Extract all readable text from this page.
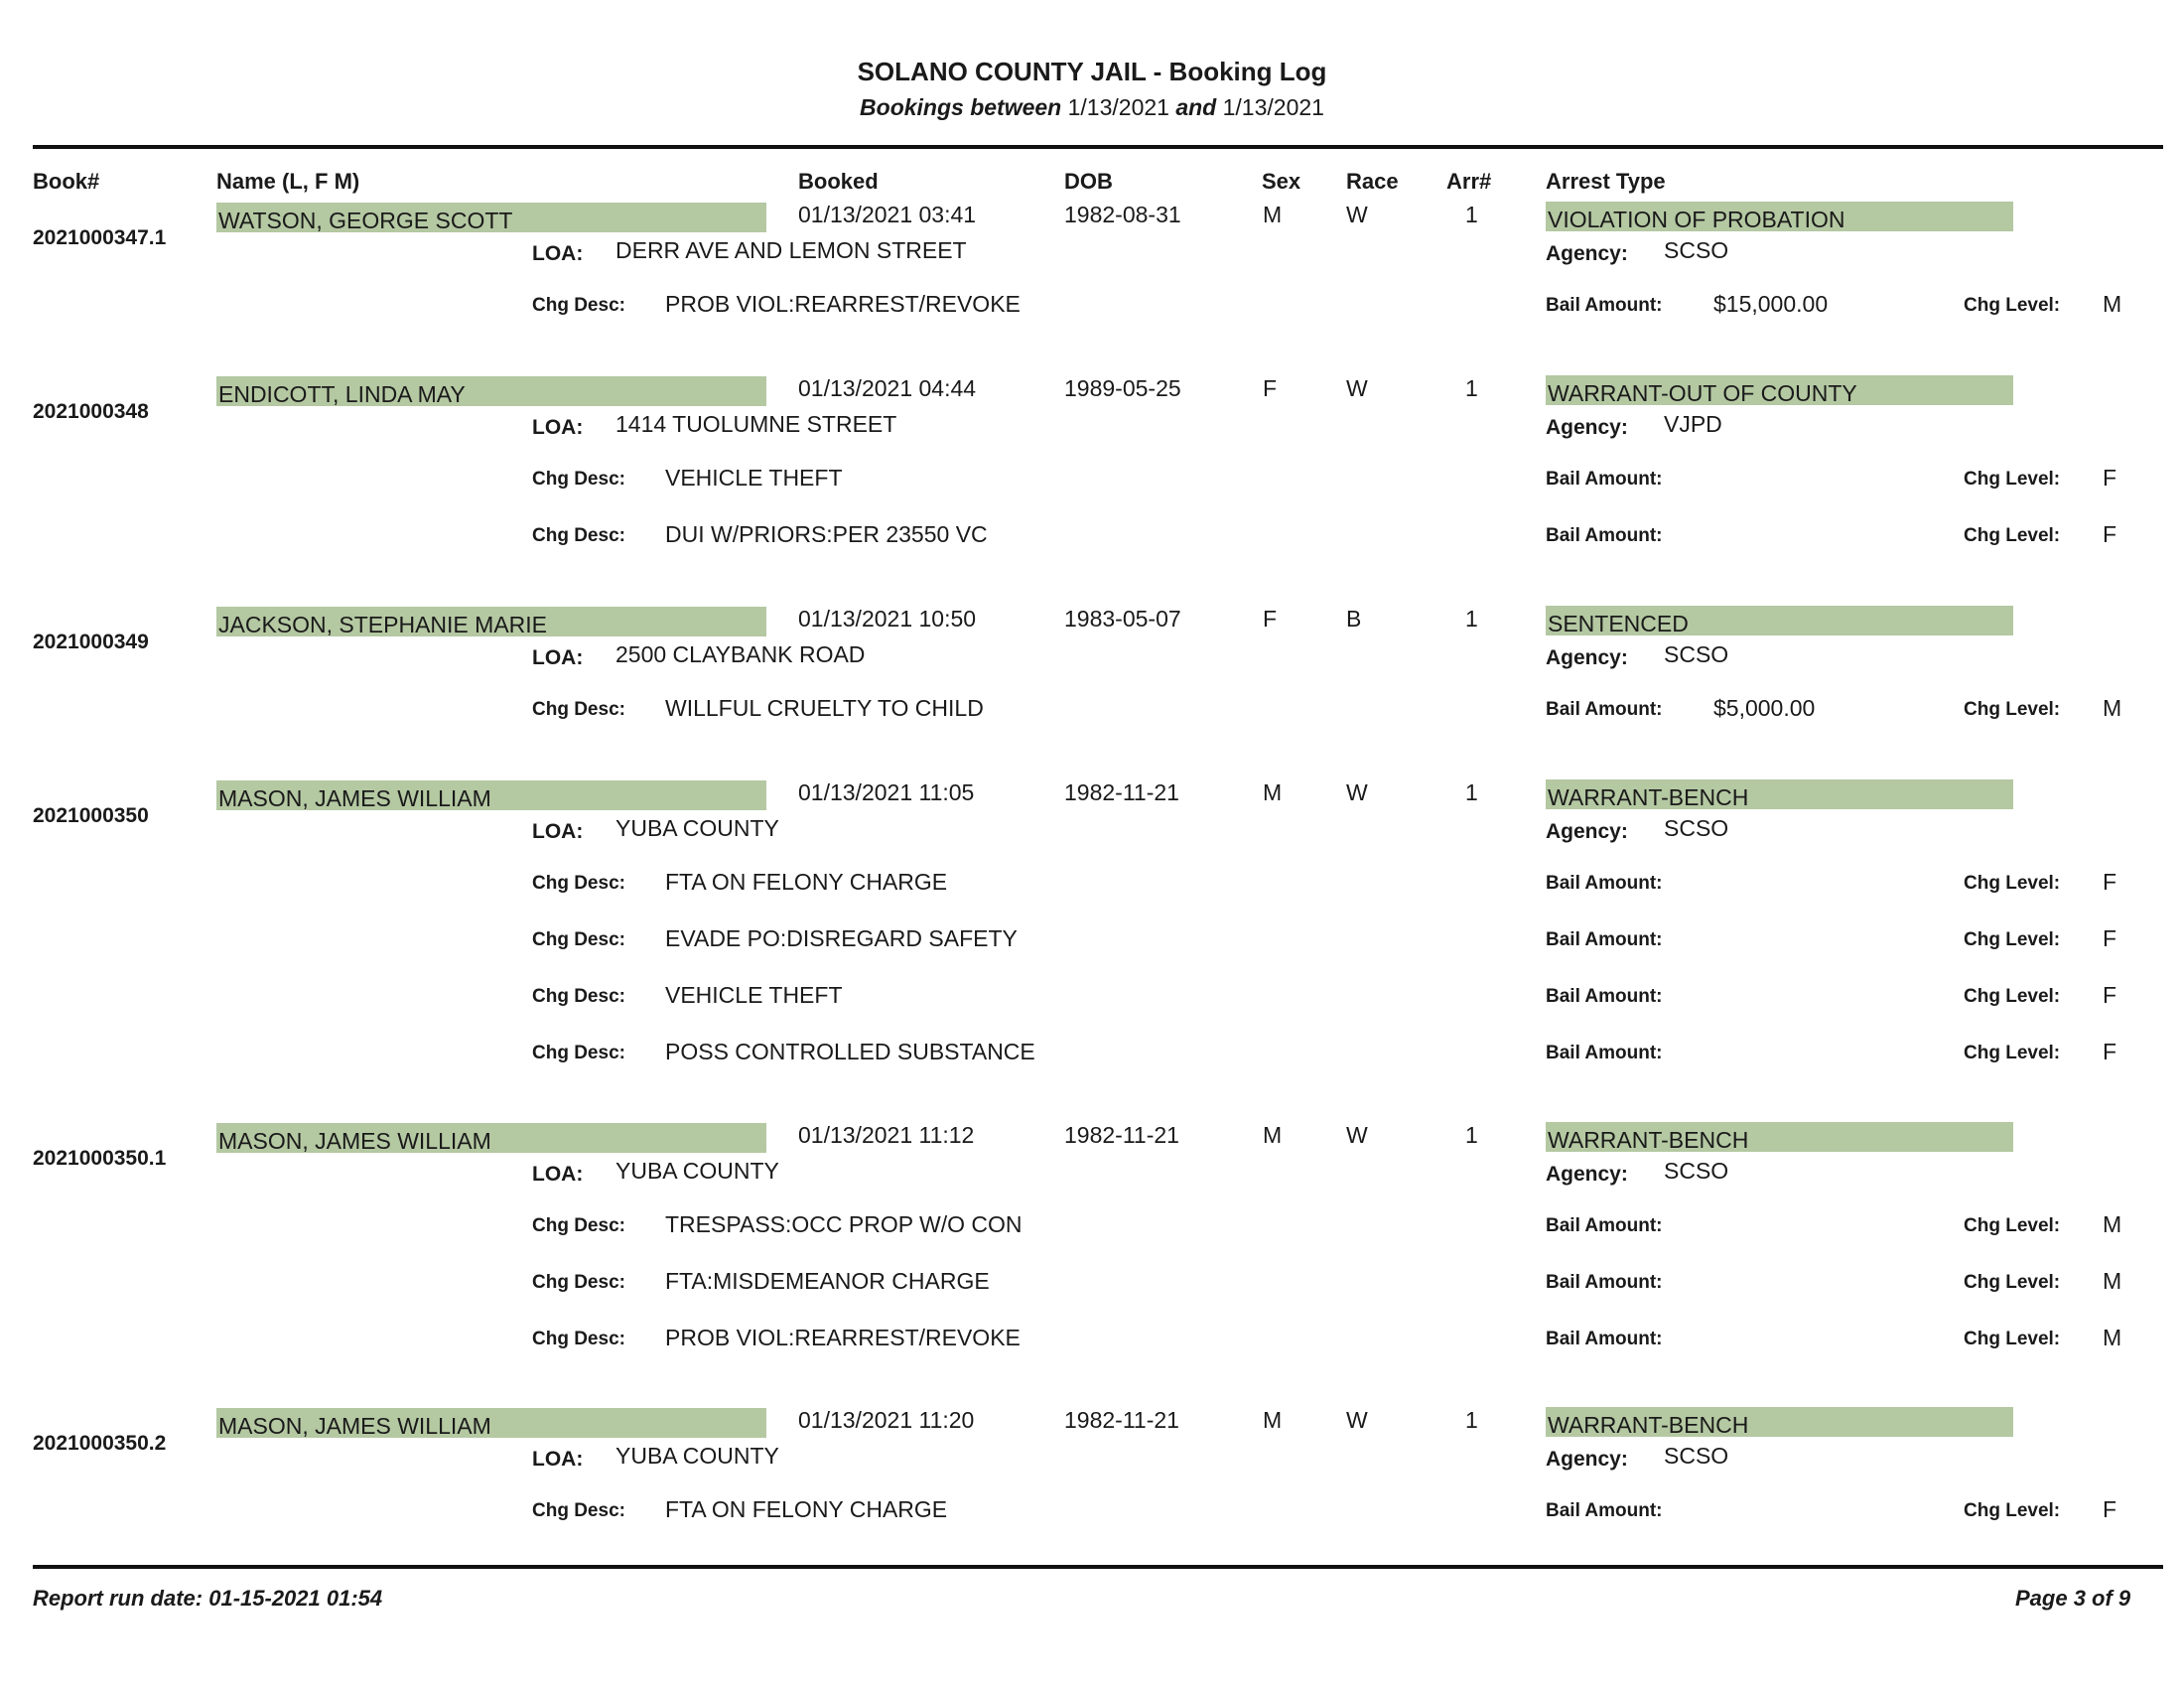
SOLANO COUNTY JAIL - Booking Log
Bookings between 1/13/2021 and 1/13/2021
Book#	Name (L, F M)	Booked	DOB	Sex Race Arr# Arrest Type
2021000347.1
WATSON, GEORGE SCOTT	01/13/2021 03:41	1982-08-31	M	W	1	VIOLATION OF PROBATION
LOA: DERR AVE AND LEMON STREET	Agency: SCSO
Chg Desc: PROB VIOL:REARREST/REVOKE	Bail Amount: $15,000.00	Chg Level: M
2021000348
ENDICOTT, LINDA MAY	01/13/2021 04:44	1989-05-25	F	W	1	WARRANT-OUT OF COUNTY
LOA: 1414 TUOLUMNE STREET	Agency: VJPD
Chg Desc: VEHICLE THEFT	Bail Amount:	Chg Level: F
Chg Desc: DUI W/PRIORS:PER 23550 VC	Bail Amount:	Chg Level: F
2021000349
JACKSON, STEPHANIE MARIE	01/13/2021 10:50	1983-05-07	F	B	1	SENTENCED
LOA: 2500 CLAYBANK ROAD	Agency: SCSO
Chg Desc: WILLFUL CRUELTY TO CHILD	Bail Amount: $5,000.00	Chg Level: M
2021000350
MASON, JAMES WILLIAM	01/13/2021 11:05	1982-11-21	M	W	1	WARRANT-BENCH
LOA: YUBA COUNTY	Agency: SCSO
Chg Desc: FTA ON FELONY CHARGE	Bail Amount:	Chg Level: F
Chg Desc: EVADE PO:DISREGARD SAFETY	Bail Amount:	Chg Level: F
Chg Desc: VEHICLE THEFT	Bail Amount:	Chg Level: F
Chg Desc: POSS CONTROLLED SUBSTANCE	Bail Amount:	Chg Level: F
2021000350.1
MASON, JAMES WILLIAM	01/13/2021 11:12	1982-11-21	M	W	1	WARRANT-BENCH
LOA: YUBA COUNTY	Agency: SCSO
Chg Desc: TRESPASS:OCC PROP W/O CON	Bail Amount:	Chg Level: M
Chg Desc: FTA:MISDEMEANOR CHARGE	Bail Amount:	Chg Level: M
Chg Desc: PROB VIOL:REARREST/REVOKE	Bail Amount:	Chg Level: M
2021000350.2
MASON, JAMES WILLIAM	01/13/2021 11:20	1982-11-21	M	W	1	WARRANT-BENCH
LOA: YUBA COUNTY	Agency: SCSO
Chg Desc: FTA ON FELONY CHARGE	Bail Amount:	Chg Level: F
Report run date: 01-15-2021 01:54	Page 3 of 9
